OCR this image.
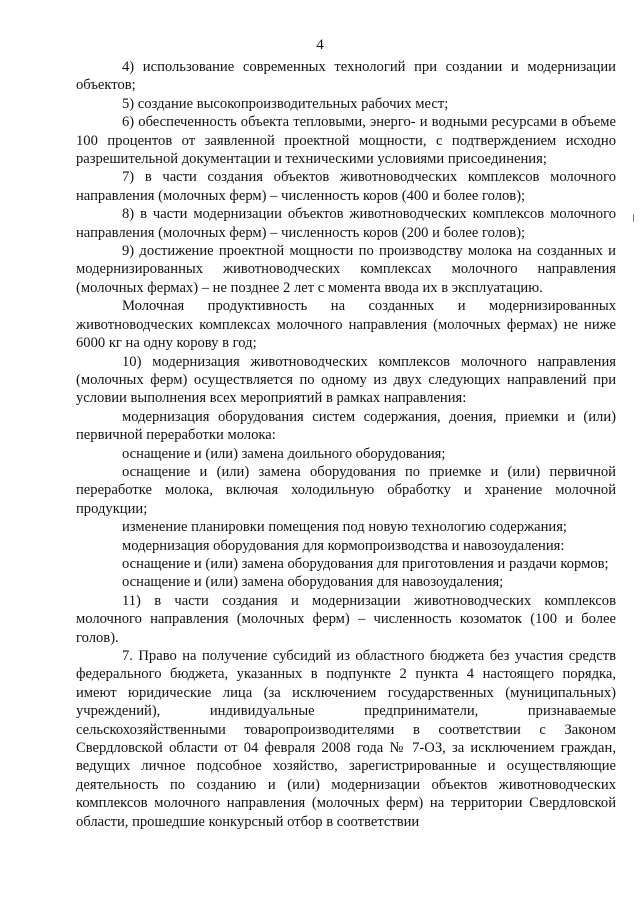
4

4) использование современных технологий при создании и модернизации объектов;

5) создание высокопроизводительных рабочих мест;

6) обеспеченность объекта тепловыми, энерго- и водными ресурсами в объеме 100 процентов от заявленной проектной мощности, с подтверждением исходно разрешительной документации и техническими условиями присоединения;

7) в части создания объектов животноводческих комплексов молочного направления (молочных ферм) – численность коров (400 и более голов);

8) в части модернизации объектов животноводческих комплексов молочного направления (молочных ферм) – численность коров (200 и более голов);

9) достижение проектной мощности по производству молока на созданных и модернизированных животноводческих комплексах молочного направления (молочных фермах) – не позднее 2 лет с момента ввода их в эксплуатацию.

Молочная продуктивность на созданных и модернизированных животноводческих комплексах молочного направления (молочных фермах) не ниже 6000 кг на одну корову в год;

10) модернизация животноводческих комплексов молочного направления (молочных ферм) осуществляется по одному из двух следующих направлений при условии выполнения всех мероприятий в рамках направления:

модернизация оборудования систем содержания, доения, приемки и (или) первичной переработки молока:

оснащение и (или) замена доильного оборудования;

оснащение и (или) замена оборудования по приемке и (или) первичной переработке молока, включая холодильную обработку и хранение молочной продукции;

изменение планировки помещения под новую технологию содержания;

модернизация оборудования для кормопроизводства и навозоудаления:

оснащение и (или) замена оборудования для приготовления и раздачи кормов;

оснащение и (или) замена оборудования для навозоудаления;

11) в части создания и модернизации животноводческих комплексов молочного направления (молочных ферм) – численность козоматок (100 и более голов).

7. Право на получение субсидий из областного бюджета без участия средств федерального бюджета, указанных в подпункте 2 пункта 4 настоящего порядка, имеют юридические лица (за исключением государственных (муниципальных) учреждений), индивидуальные предприниматели, признаваемые сельскохозяйственными товаропроизводителями в соответствии с Законом Свердловской области от 04 февраля 2008 года № 7-ОЗ, за исключением граждан, ведущих личное подсобное хозяйство, зарегистрированные и осуществляющие деятельность по созданию и (или) модернизации объектов животноводческих комплексов молочного направления (молочных ферм) на территории Свердловской области, прошедшие конкурсный отбор в соответствии
